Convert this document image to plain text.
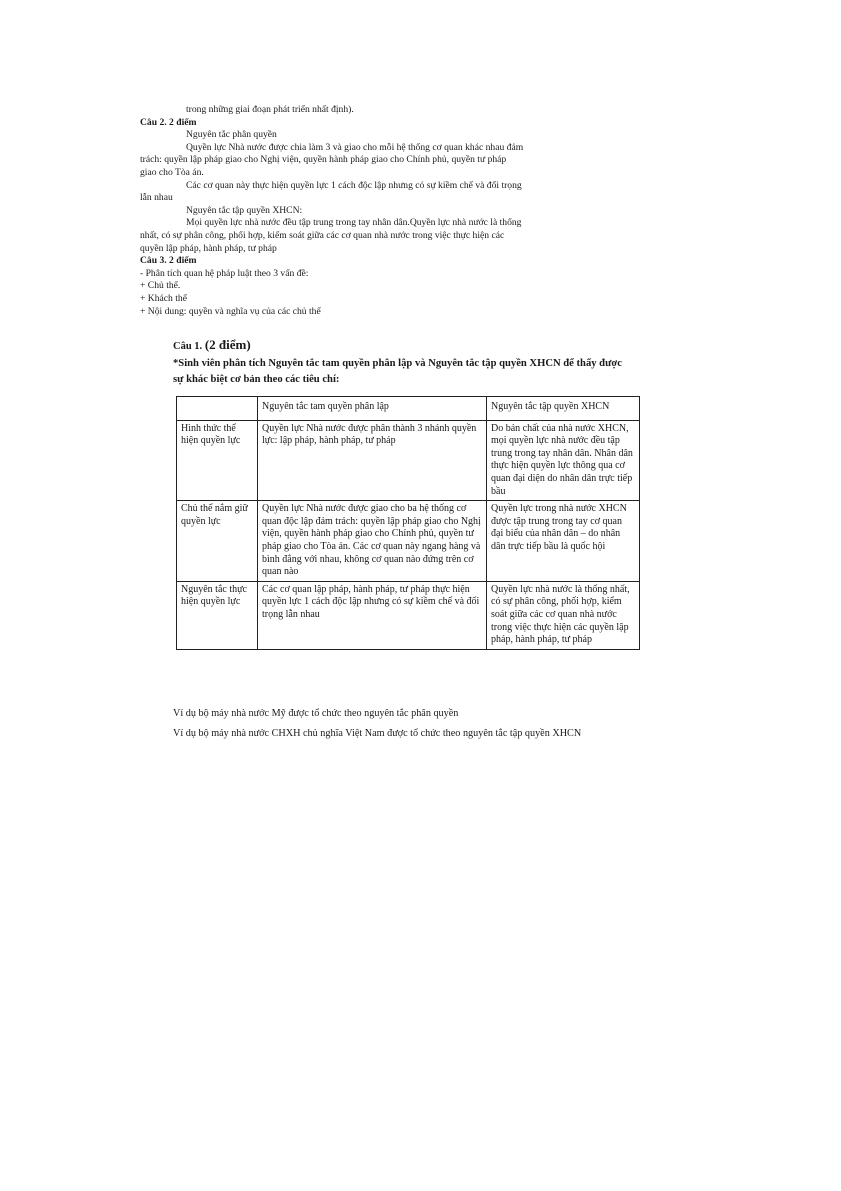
trong những giai đoạn phát triển nhất định).

Câu 2. 2 điểm

Nguyên tắc phân quyền

Quyền lực Nhà nước được chia làm 3 và giao cho mỗi hệ thống cơ quan khác nhau đảm

trách: quyền lập pháp giao cho Nghị viện, quyền hành pháp giao cho Chính phủ, quyền tư pháp

giao cho Tòa án.

Các cơ quan này thực hiện quyền lực 1 cách độc lập nhưng có sự kiềm chế và đối trọng

lẫn nhau

Nguyên tắc tập quyền XHCN:

Mọi quyền lực nhà nước đều tập trung trong tay nhân dân.Quyền lực nhà nước là thống

nhất, có sự phân công, phối hợp, kiểm soát giữa các cơ quan nhà nước trong việc thực hiện các

quyền lập pháp, hành pháp, tư pháp

Câu 3. 2 điểm

- Phân tích quan hệ pháp luật theo 3 vấn đề:

+ Chủ thể.

+ Khách thể

+ Nội dung: quyền và nghĩa vụ của các chủ thể

Câu 1. (2 điểm)

*Sinh viên phân tích Nguyên tắc tam quyền phân lập và Nguyên tắc tập quyền XHCN để thấy được

sự khác biệt cơ bản theo các tiêu chí:

	Nguyên tắc tam quyền phân lập	Nguyên tắc tập quyền XHCN
Hình thức thể hiện quyền lực	Quyền lực Nhà nước được phân thành 3 nhánh quyền lực: lập pháp, hành pháp, tư pháp	Do bản chất của nhà nước XHCN, mọi quyền lực nhà nước đều tập trung trong tay nhân dân. Nhân dân thực hiện quyền lực thông qua cơ quan đại diện do nhân dân trực tiếp bầu
Chủ thể nắm giữ quyền lực	Quyền lực Nhà nước được giao cho ba hệ thống cơ quan độc lập đảm trách: quyền lập pháp giao cho Nghị viện, quyền hành pháp giao cho Chính phủ, quyền tư pháp giao cho Tòa án. Các cơ quan này ngang hàng và bình đẳng với nhau, không cơ quan nào đứng trên cơ quan nào	Quyền lực trong nhà nước XHCN được tập trung trong tay cơ quan đại biểu của nhân dân – do nhân dân trực tiếp bầu là quốc hội
Nguyên tắc thực hiện quyền lực	Các cơ quan lập pháp, hành pháp, tư pháp thực hiện quyền lực 1 cách độc lập nhưng có sự kiềm chế và đối trọng lẫn nhau	Quyền lực nhà nước là thống nhất, có sự phân công, phối hợp, kiểm soát giữa các cơ quan nhà nước trong việc thực hiện các quyền lập pháp, hành pháp, tư pháp

Ví dụ bộ máy nhà nước Mỹ được tổ chức theo nguyên tắc phân quyền

Ví dụ bộ máy nhà nước CHXH chủ nghĩa Việt Nam được tổ chức theo nguyên tắc tập quyền XHCN
